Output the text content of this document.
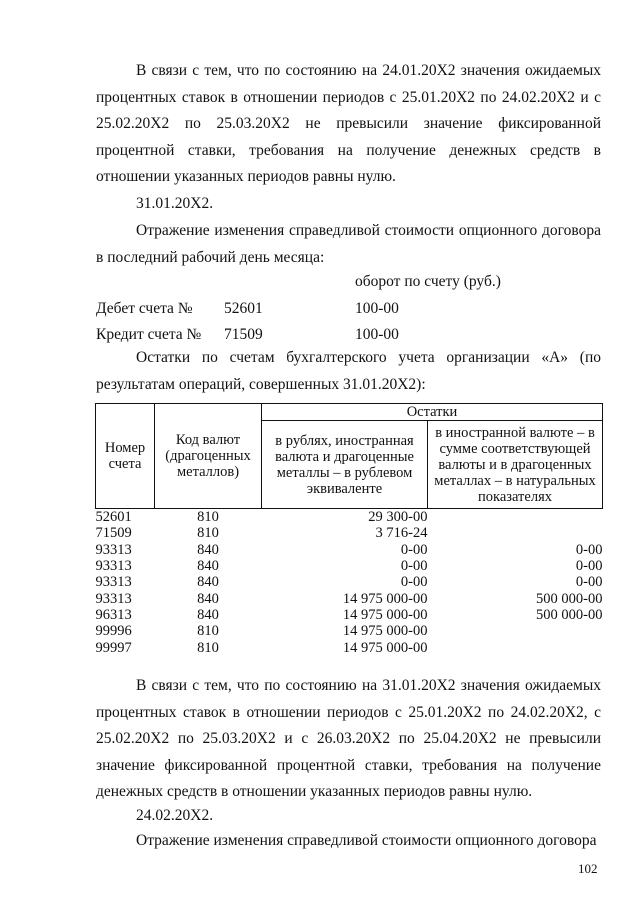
В связи с тем, что по состоянию на 24.01.20X2 значения ожидаемых процентных ставок в отношении периодов с 25.01.20X2 по 24.02.20X2 и с 25.02.20X2 по 25.03.20X2 не превысили значение фиксированной процентной ставки, требования на получение денежных средств в отношении указанных периодов равны нулю.

31.01.20X2.

Отражение изменения справедливой стоимости опционного договора в последний рабочий день месяца:

оборот по счету (руб.)
Дебет счета № 52601	100-00
Кредит счета № 71509	100-00

Остатки по счетам бухгалтерского учета организации «А» (по результатам операций, совершенных 31.01.20X2):

Номер счета	Код валют (драгоценных металлов)	Остатки	
		в рублях, иностранная валюта и драгоценные металлы – в рублевом эквиваленте	в иностранной валюте – в сумме соответствующей валюты и в драгоценных металлах – в натуральных показателях
52601	810	29 300-00	
71509	810	3 716-24	
93313	840	0-00	0-00
93313	840	0-00	0-00
93313	840	0-00	0-00
93313	840	14 975 000-00	500 000-00
96313	840	14 975 000-00	500 000-00
99996	810	14 975 000-00	
99997	810	14 975 000-00	

В связи с тем, что по состоянию на 31.01.20X2 значения ожидаемых процентных ставок в отношении периодов с 25.01.20X2 по 24.02.20X2, с 25.02.20X2 по 25.03.20X2 и с 26.03.20X2 по 25.04.20X2 не превысили значение фиксированной процентной ставки, требования на получение денежных средств в отношении указанных периодов равны нулю.

24.02.20X2.

Отражение изменения справедливой стоимости опционного договора

102
